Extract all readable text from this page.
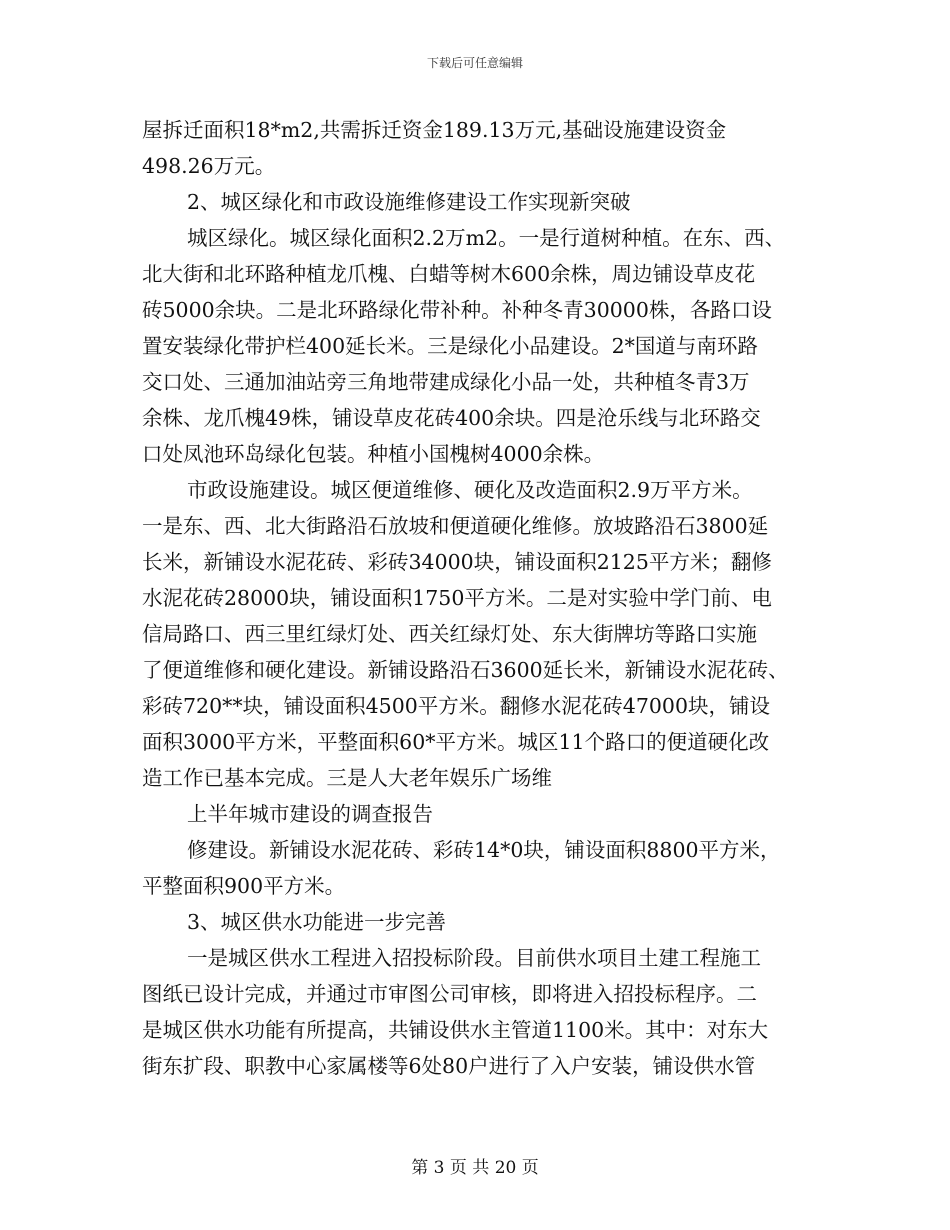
下载后可任意编辑
屋拆迁面积18*m2,共需拆迁资金189.13万元,基础设施建设资金
498.26万元。
2、城区绿化和市政设施维修建设工作实现新突破
城区绿化。城区绿化面积2.2万m2。一是行道树种植。在东、西、
北大街和北环路种植龙爪槐、白蜡等树木600余株，周边铺设草皮花
砖5000余块。二是北环路绿化带补种。补种冬青30000株，各路口设
置安装绿化带护栏400延长米。三是绿化小品建设。2*国道与南环路
交口处、三通加油站旁三角地带建成绿化小品一处，共种植冬青3万
余株、龙爪槐49株，铺设草皮花砖400余块。四是沧乐线与北环路交
口处凤池环岛绿化包装。种植小国槐树4000余株。
市政设施建设。城区便道维修、硬化及改造面积2.9万平方米。
一是东、西、北大街路沿石放坡和便道硬化维修。放坡路沿石3800延
长米，新铺设水泥花砖、彩砖34000块，铺设面积2125平方米；翻修
水泥花砖28000块，铺设面积1750平方米。二是对实验中学门前、电
信局路口、西三里红绿灯处、西关红绿灯处、东大街牌坊等路口实施
了便道维修和硬化建设。新铺设路沿石3600延长米，新铺设水泥花砖、
彩砖720**块，铺设面积4500平方米。翻修水泥花砖47000块，铺设
面积3000平方米，平整面积60*平方米。城区11个路口的便道硬化改
造工作已基本完成。三是人大老年娱乐广场维
上半年城市建设的调查报告
修建设。新铺设水泥花砖、彩砖14*0块，铺设面积8800平方米，
平整面积900平方米。
3、城区供水功能进一步完善
一是城区供水工程进入招投标阶段。目前供水项目土建工程施工
图纸已设计完成，并通过市审图公司审核，即将进入招投标程序。二
是城区供水功能有所提高，共铺设供水主管道1100米。其中：对东大
街东扩段、职教中心家属楼等6处80户进行了入户安装，铺设供水管
第 3 页 共 20 页
